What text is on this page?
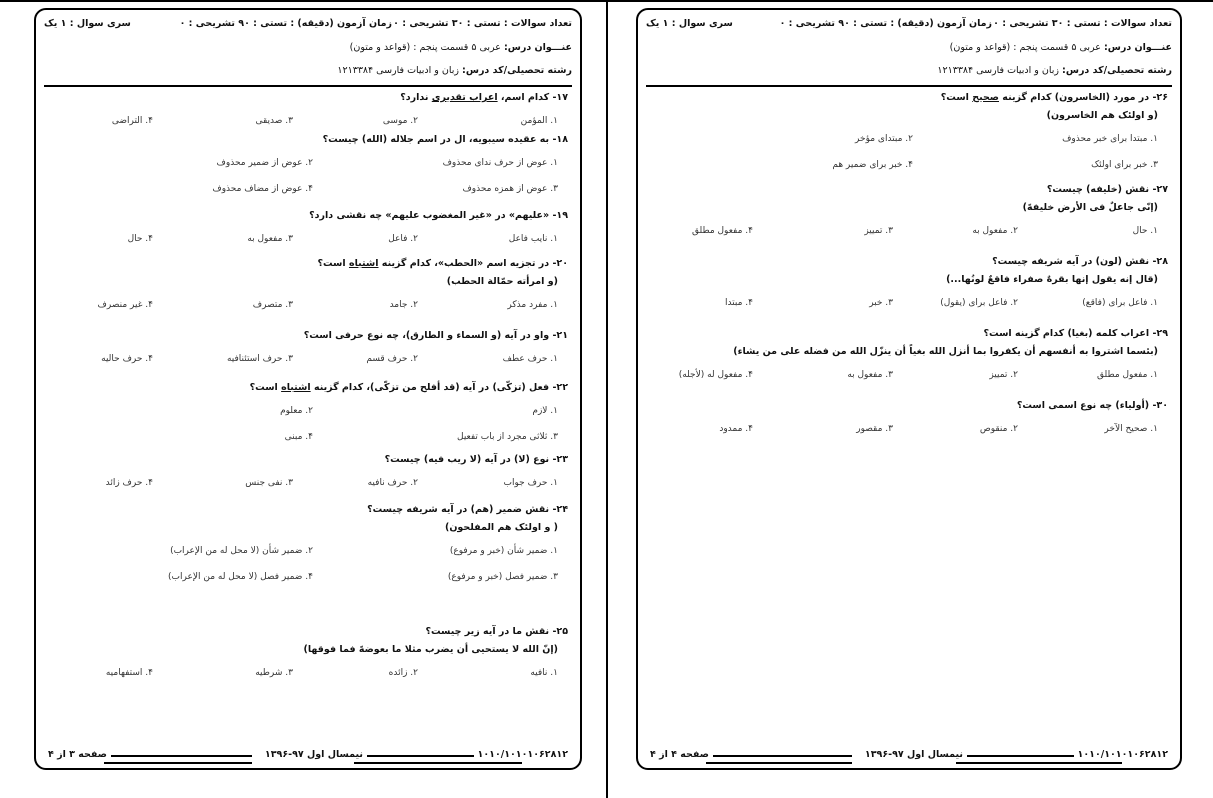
تعداد سوالات : تستی : ۳۰ تشریحی : ۰
زمان آزمون (دقیقه) : تستی : ۹۰ تشریحی : ۰
سری سوال : ۱ یک
عنـــوان درس: عربی ۵ قسمت پنجم : (قواعد و متون)
رشته تحصیلی/کد درس: زبان و ادبیات فارسی ۱۲۱۳۳۸۴
۱۷- کدام اسم، اعراب تقدیری ندارد؟
۱. المؤمن
۲. موسی
۳. صدیقی
۴. التراضی
۱۸- به عقیده سیبویه، ال در اسم جلاله (الله) چیست؟
۱. عوض از حرف ندای محذوف
۲. عوض از ضمیر محذوف
۳. عوض از همزه محذوف
۴. عوض از مضاف محذوف
۱۹- «علیهم» در «غیر المغضوب علیهم» چه نقشی دارد؟
۱. نایب فاعل
۲. فاعل
۳. مفعول به
۴. حال
۲۰- در تجزیه اسم «الحطب»، کدام گزینه اشتباه است؟
(و امرأته حمّالة الحطب)
۱. مفرد مذکر
۲. جامد
۳. متصرف
۴. غیر منصرف
۲۱- واو در آیه (و السماء و الطارق)، چه نوع حرفی است؟
۱. حرف عطف
۲. حرف قسم
۳. حرف استئنافیه
۴. حرف حالیه
۲۲- فعل (تزکّی) در آیه (قد أفلح من تزکّی)، کدام گزینه اشتباه است؟
۱. لازم
۲. معلوم
۳. ثلاثی مجرد از باب تفعیل
۴. مبنی
۲۳- نوع (لا) در آیه (لا ریب فیه) چیست؟
۱. حرف جواب
۲. حرف نافیه
۳. نفی جنس
۴. حرف زائد
۲۴- نقش ضمیر (هم) در آیه شریفه چیست؟
( و اولئک هم المفلحون)
۱. ضمیر شأن (خبر و مرفوع)
۲. ضمیر شأن (لا محل له من الإعراب)
۳. ضمیر فصل (خبر و مرفوع)
۴. ضمیر فصل (لا محل له من الإعراب)
۲۵- نقش ما در آیه زیر چیست؟
(إنّ الله لا یستحیی أن یضرب مثلا ما بعوضهً فما فوقها)
۱. نافیه
۲. زائده
۳. شرطیه
۴. استفهامیه
۱۰۱۰/۱۰۱۰۱۰۶۲۸۱۲
نیمسال اول ۹۷-۱۳۹۶
صفحه ۳ از ۴
تعداد سوالات : تستی : ۳۰ تشریحی : ۰
زمان آزمون (دقیقه) : تستی : ۹۰ تشریحی : ۰
سری سوال : ۱ یک
عنـــوان درس: عربی ۵ قسمت پنجم : (قواعد و متون)
رشته تحصیلی/کد درس: زبان و ادبیات فارسی ۱۲۱۳۳۸۴
۲۶- در مورد (الخاسرون) کدام گزینه صحیح است؟
(و اولئک هم الخاسرون)
۱. مبتدا برای خبر محذوف
۲. مبتدای مؤخر
۳. خبر برای اولئک
۴. خبر برای ضمیر هم
۲۷- نقش (خلیفه) چیست؟
(إنّی جاعلٌ فی الأرض خلیفهً)
۱. حال
۲. مفعول به
۳. تمییز
۴. مفعول مطلق
۲۸- نقش (لون) در آیه شریفه چیست؟
(قال إنه یقول إنها بقرهٌ صفراء فاقعٌ لونُها...)
۱. فاعل برای (فاقع)
۲. فاعل برای (یقول)
۳. خبر
۴. مبتدا
۲۹- اعراب کلمه (بغیا) کدام گزینه است؟
(بئسما اشتروا به أنفسهم أن یکفروا بما أنزل الله بغیاً أن ینزّل الله من فضله علی من یشاء)
۱. مفعول مطلق
۲. تمییز
۳. مفعول به
۴. مفعول له (لأجله)
۳۰- (أولیاء) چه نوع اسمی است؟
۱. صحیح الآخر
۲. منقوص
۳. مقصور
۴. ممدود
۱۰۱۰/۱۰۱۰۱۰۶۲۸۱۲
نیمسال اول ۹۷-۱۳۹۶
صفحه ۴ از ۴
